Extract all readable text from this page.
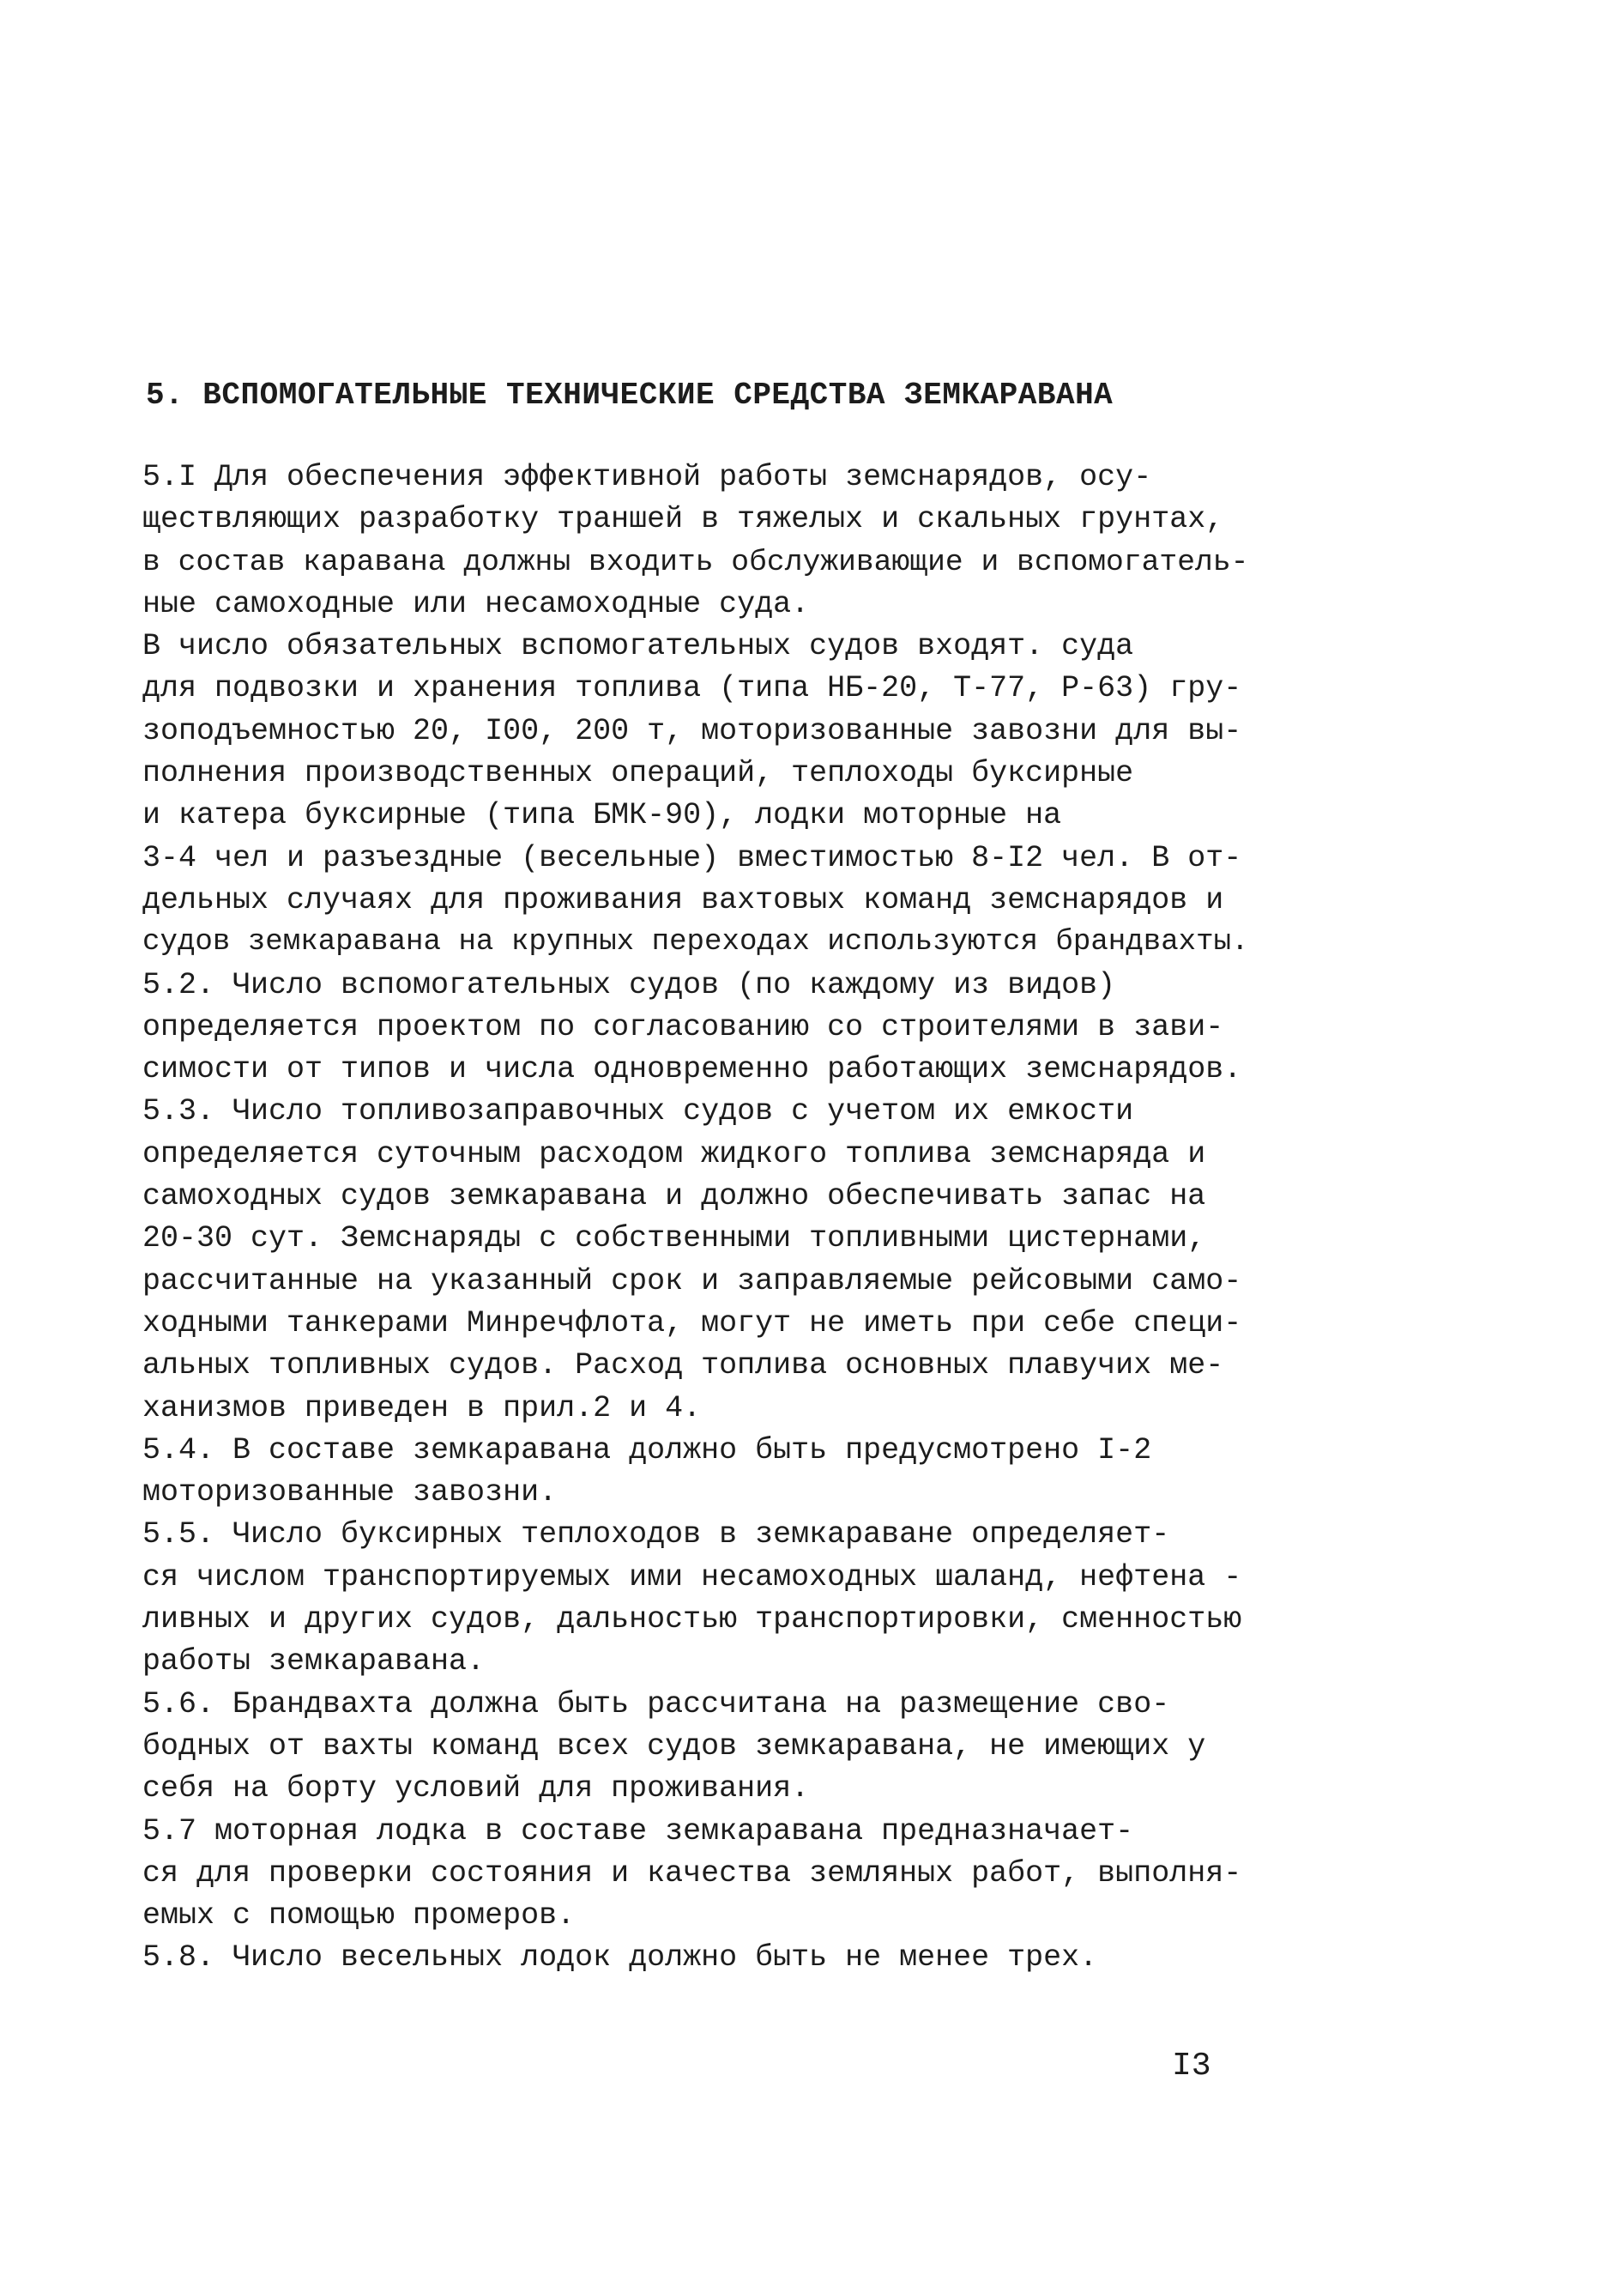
5. ВСПОМОГАТЕЛЬНЫЕ ТЕХНИЧЕСКИЕ СРЕДСТВА ЗЕМКАРАВАНА
5.I Для обеспечения эффективной работы земснарядов, осу-
ществляющих разработку траншей в тяжелых и скальных грунтах,
в состав каравана должны входить обслуживающие и вспомогатель-
ные самоходные или несамоходные суда.
В число обязательных вспомогательных судов входят. суда
для подвозки и хранения топлива (типа НБ-20, Т-77, Р-63) гру-
зоподъемностью 20, I00, 200 т, моторизованные завозни для вы-
полнения производственных операций, теплоходы буксирные
и катера буксирные (типа БМК-90), лодки моторные на
3-4 чел и разъездные (весельные) вместимостью 8-I2 чел. В от-
дельных случаях для проживания вахтовых команд земснарядов и
судов земкаравана на крупных переходах используются брандвахты.
5.2. Число вспомогательных судов (по каждому из видов)
определяется проектом по согласованию со строителями в зави-
симости от типов и числа одновременно работающих земснарядов.
5.3. Число топливозаправочных судов с учетом их емкости
определяется суточным расходом жидкого топлива земснаряда и
самоходных судов земкаравана и должно обеспечивать запас на
20-30 сут. Земснаряды с собственными топливными цистернами,
рассчитанные на указанный срок и заправляемые рейсовыми само-
ходными танкерами Минречфлота, могут не иметь при себе специ-
альных топливных судов. Расход топлива основных плавучих ме-
ханизмов приведен в прил.2 и 4.
5.4. В составе земкаравана должно быть предусмотрено I-2
моторизованные завозни.
5.5. Число буксирных теплоходов в земкараване определяет-
ся числом транспортируемых ими несамоходных шаланд, нефтена -
ливных и других судов, дальностью транспортировки, сменностью
работы земкаравана.
5.6. Брандвахта должна быть рассчитана на размещение сво-
бодных от вахты команд всех судов земкаравана, не имеющих у
себя на борту условий для проживания.
5.7 моторная лодка в составе земкаравана предназначает-
ся для проверки состояния и качества земляных работ, выполня-
емых с помощью промеров.
5.8. Число весельных лодок должно быть не менее трех.
I3
